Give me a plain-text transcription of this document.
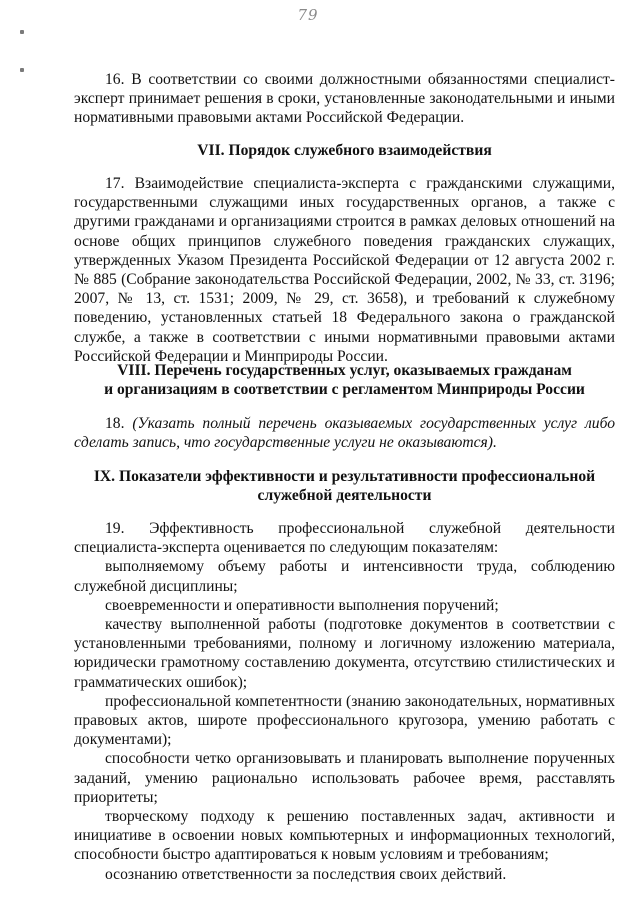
79

16. В соответствии со своими должностными обязанностями специалист-эксперт принимает решения в сроки, установленные законодательными и иными нормативными правовыми актами Российской Федерации.

VII. Порядок служебного взаимодействия

17. Взаимодействие специалиста-эксперта с гражданскими служащими, государственными служащими иных государственных органов, а также с другими гражданами и организациями строится в рамках деловых отношений на основе общих принципов служебного поведения гражданских служащих, утвержденных Указом Президента Российской Федерации от 12 августа 2002 г. № 885 (Собрание законодательства Российской Федерации, 2002, № 33, ст. 3196; 2007, № 13, ст. 1531; 2009, № 29, ст. 3658), и требований к служебному поведению, установленных статьей 18 Федерального закона о гражданской службе, а также в соответствии с иными нормативными правовыми актами Российской Федерации и Минприроды России.

VIII. Перечень государственных услуг, оказываемых гражданам
и организациям в соответствии с регламентом Минприроды России

18. (Указать полный перечень оказываемых государственных услуг либо сделать запись, что государственные услуги не оказываются).

IX. Показатели эффективности и результативности профессиональной
служебной деятельности

19. Эффективность профессиональной служебной деятельности специалиста-эксперта оценивается по следующим показателям:

выполняемому объему работы и интенсивности труда, соблюдению служебной дисциплины;

своевременности и оперативности выполнения поручений;

качеству выполненной работы (подготовке документов в соответствии с установленными требованиями, полному и логичному изложению материала, юридически грамотному составлению документа, отсутствию стилистических и грамматических ошибок);

профессиональной компетентности (знанию законодательных, нормативных правовых актов, широте профессионального кругозора, умению работать с документами);

способности четко организовывать и планировать выполнение порученных заданий, умению рационально использовать рабочее время, расставлять приоритеты;

творческому подходу к решению поставленных задач, активности и инициативе в освоении новых компьютерных и информационных технологий, способности быстро адаптироваться к новым условиям и требованиям;

осознанию ответственности за последствия своих действий.
